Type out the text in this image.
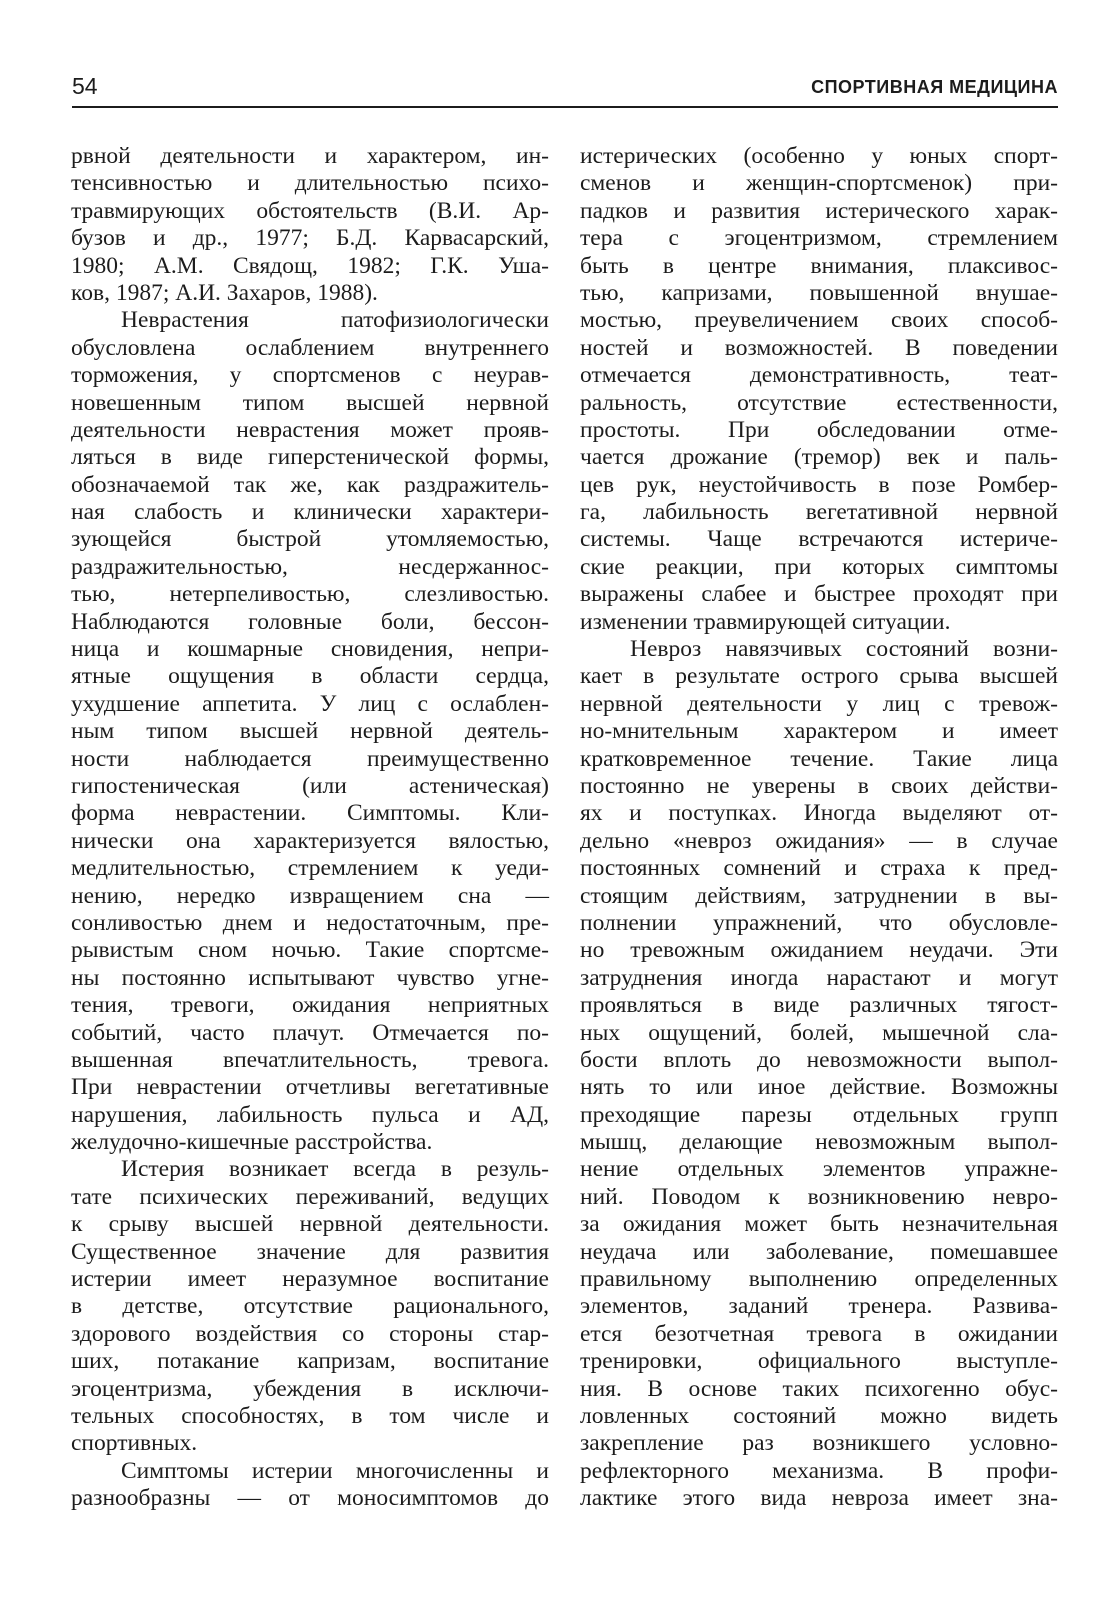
54	СПОРТИВНАЯ МЕДИЦИНА
рвной деятельности и характером, ин-
тенсивностью и длительностью психо-
травмирующих обстоятельств (В.И. Ар-
бузов и др., 1977; Б.Д. Карвасарский,
1980; А.М. Свядощ, 1982; Г.К. Уша-
ков, 1987; А.И. Захаров, 1988).
Неврастения	патофизиологически
обусловлена ослаблением внутреннего
торможения, у спортсменов с неурав-
новешенным типом высшей нервной
деятельности неврастения может прояв-
ляться в виде гиперстенической формы,
обозначаемой так же, как раздражитель-
ная слабость и клинически характери-
зующейся быстрой утомляемостью,
раздражительностью, несдержаннос-
тью, нетерпеливостью, слезливостью.
Наблюдаются головные боли, бессон-
ница и кошмарные сновидения, непри-
ятные ощущения в области сердца,
ухудшение аппетита. У лиц с ослаблен-
ным типом высшей нервной деятель-
ности наблюдается преимущественно
гипостеническая (или астеническая)
форма неврастении. Симптомы. Кли-
нически она характеризуется вялостью,
медлительностью, стремлением к уеди-
нению, нередко извращением сна —
сонливостью днем и недостаточным, пре-
рывистым сном ночью. Такие спортсме-
ны постоянно испытывают чувство угне-
тения, тревоги, ожидания неприятных
событий, часто плачут. Отмечается по-
вышенная впечатлительность, тревога.
При неврастении отчетливы вегетативные
нарушения, лабильность пульса и АД,
желудочно-кишечные расстройства.
Истерия возникает всегда в резуль-
тате психических переживаний, ведущих
к срыву высшей нервной деятельности.
Существенное значение для развития
истерии имеет неразумное воспитание
в детстве, отсутствие рационального,
здорового воздействия со стороны стар-
ших, потакание капризам, воспитание
эгоцентризма, убеждения в исключи-
тельных способностях, в том числе и
спортивных.
Симптомы истерии многочисленны и
разнообразны — от моносимптомов до
истерических (особенно у юных спорт-
сменов и женщин-спортсменок) при-
падков и развития истерического харак-
тера с эгоцентризмом, стремлением
быть в центре внимания, плаксивос-
тью, капризами, повышенной внушае-
мостью, преувеличением своих способ-
ностей и возможностей. В поведении
отмечается демонстративность, теат-
ральность, отсутствие естественности,
простоты. При обследовании отме-
чается дрожание (тремор) век и паль-
цев рук, неустойчивость в позе Ромбер-
га, лабильность вегетативной нервной
системы. Чаще встречаются истериче-
ские реакции, при которых симптомы
выражены слабее и быстрее проходят при
изменении травмирующей ситуации.
Невроз навязчивых состояний возни-
кает в результате острого срыва высшей
нервной деятельности у лиц с тревож-
но-мнительным характером и имеет
кратковременное течение. Такие лица
постоянно не уверены в своих действи-
ях и поступках. Иногда выделяют от-
дельно «невроз ожидания» — в случае
постоянных сомнений и страха к пред-
стоящим действиям, затруднении в вы-
полнении упражнений, что обусловле-
но тревожным ожиданием неудачи. Эти
затруднения иногда нарастают и могут
проявляться в виде различных тягост-
ных ощущений, болей, мышечной сла-
бости вплоть до невозможности выпол-
нять то или иное действие. Возможны
преходящие парезы отдельных групп
мышц, делающие невозможным выпол-
нение отдельных элементов упражне-
ний. Поводом к возникновению невро-
за ожидания может быть незначительная
неудача или заболевание, помешавшее
правильному выполнению определенных
элементов, заданий тренера. Развива-
ется безотчетная тревога в ожидании
тренировки, официального выступле-
ния. В основе таких психогенно обус-
ловленных состояний можно видеть
закрепление раз возникшего условно-
рефлекторного механизма. В профи-
лактике этого вида невроза имеет зна-
